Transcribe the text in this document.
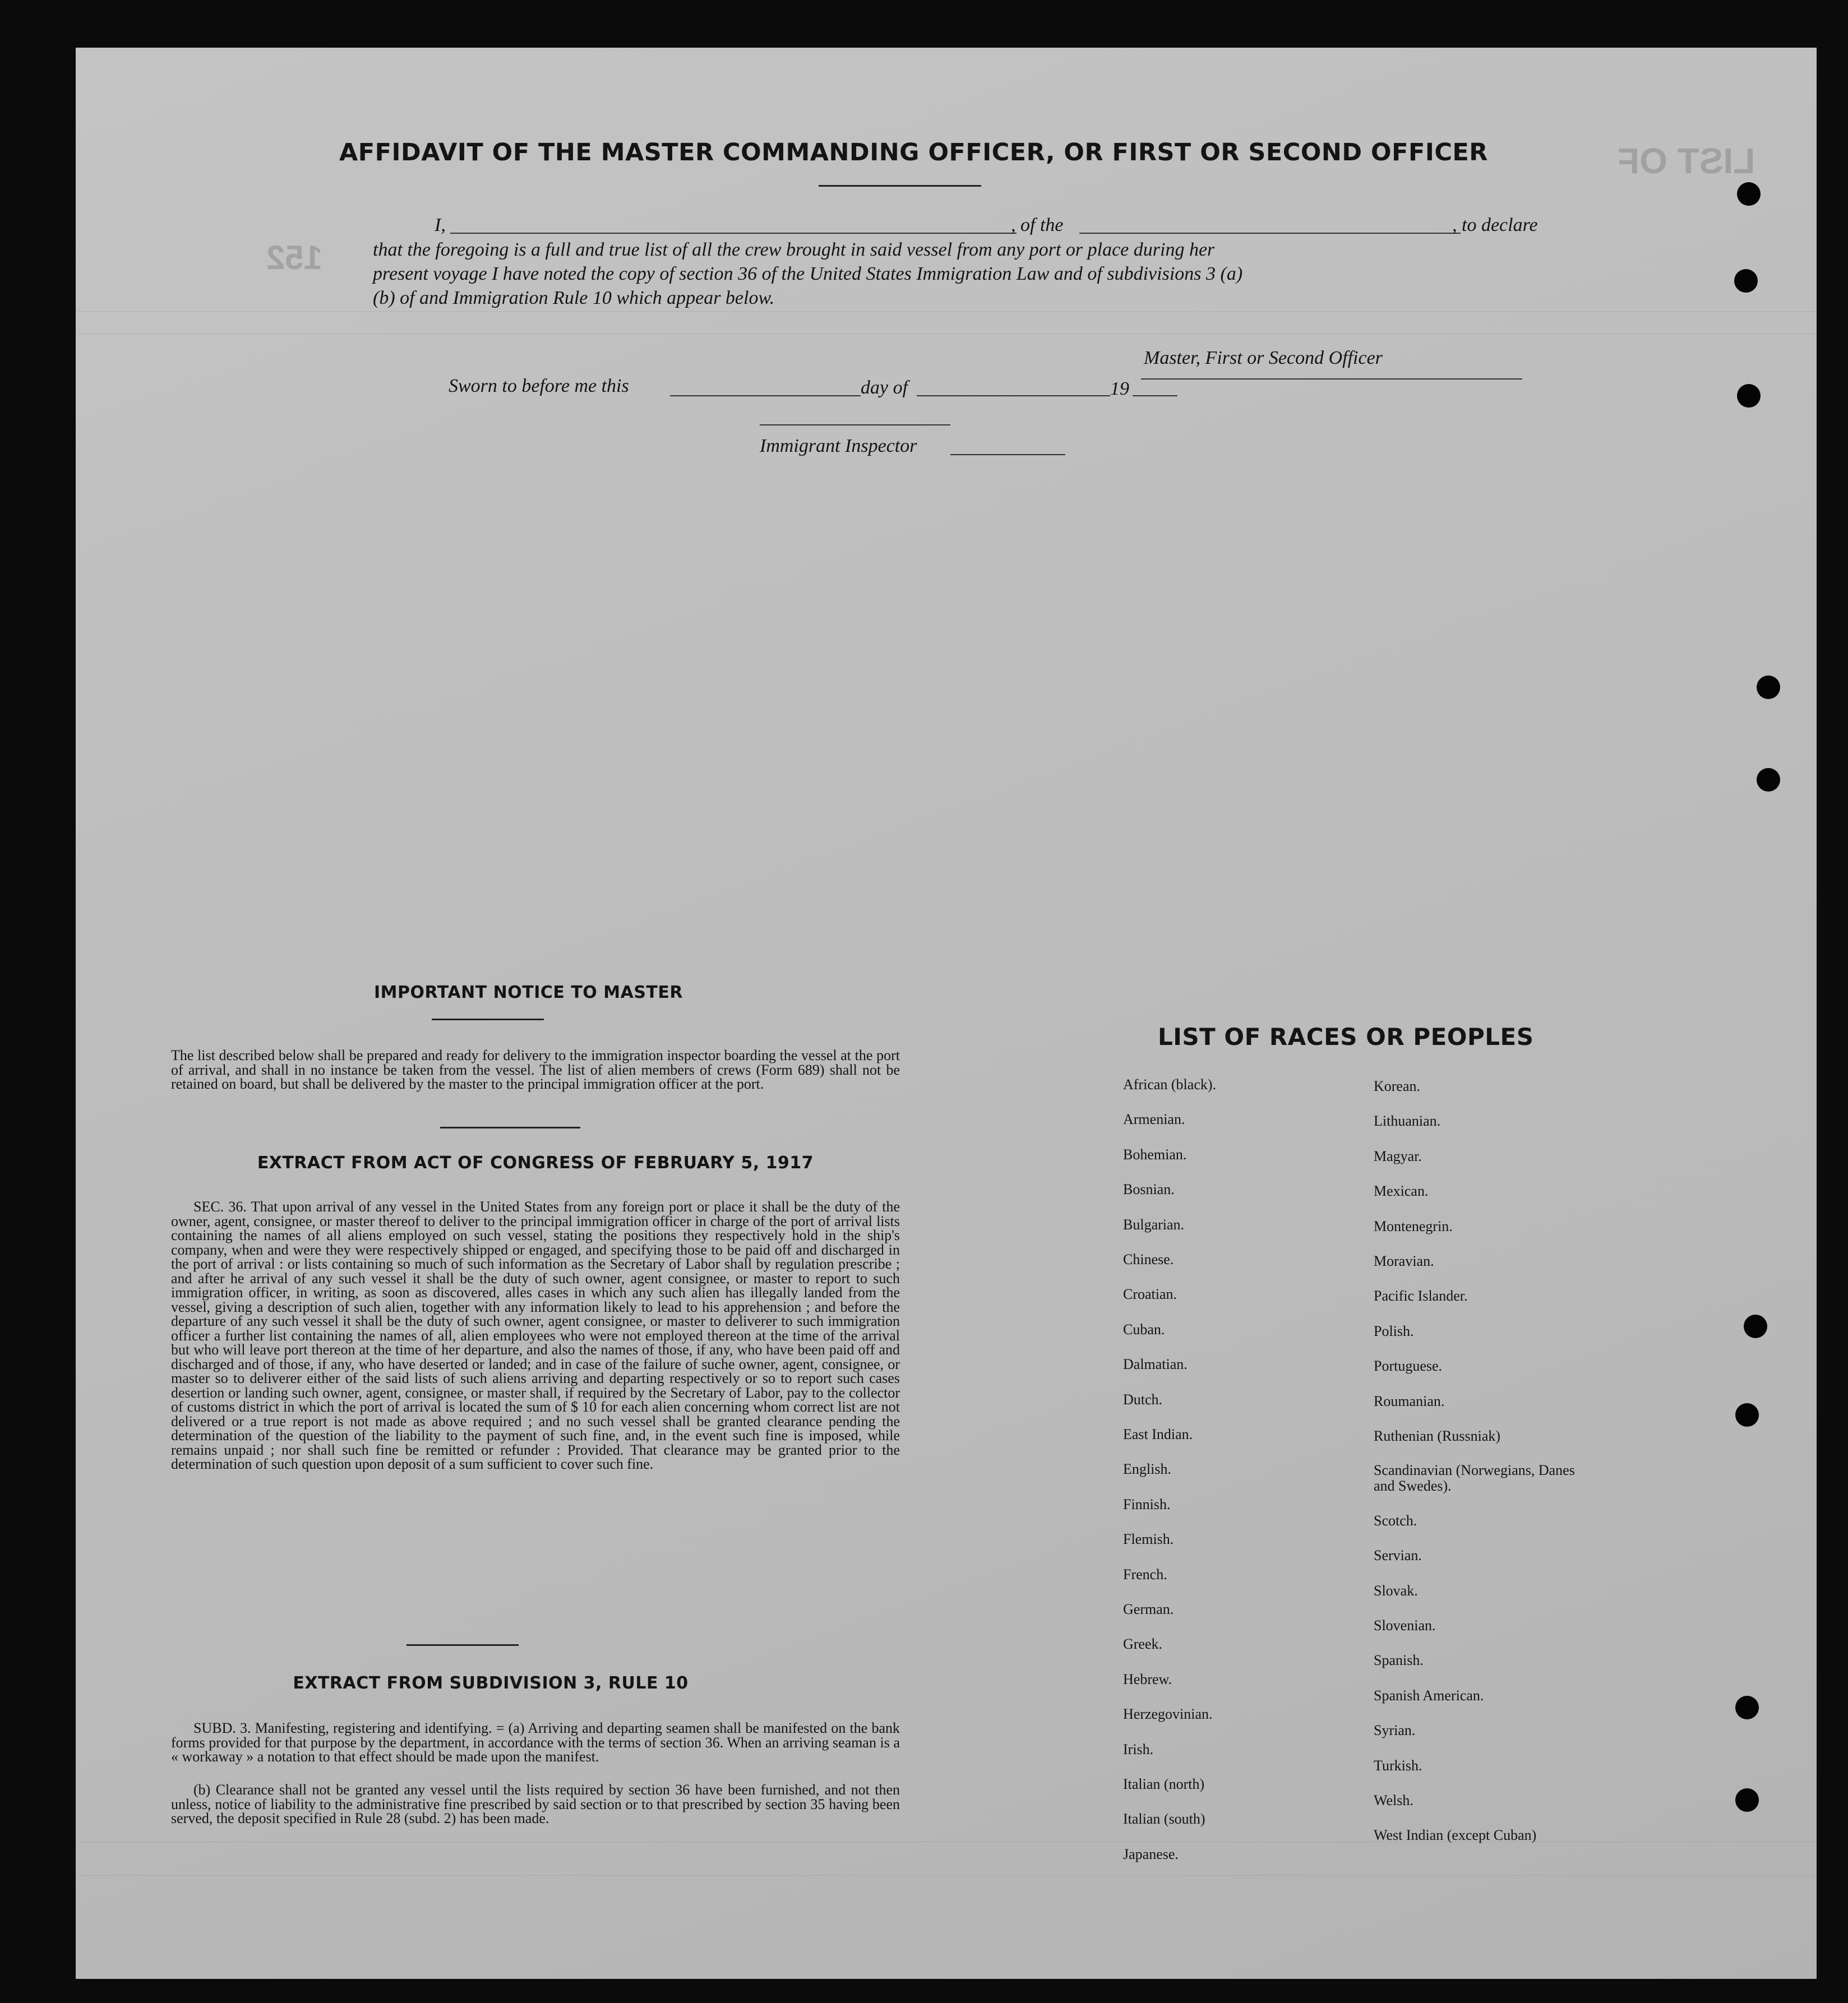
152
LIST OF
AFFIDAVIT OF THE MASTER COMMANDING OFFICER, OR FIRST OR SECOND OFFICER
I,	, of the	, to declare
that the foregoing is a full and true list of all the crew brought in said vessel from any port or place during her
present voyage I have noted the copy of section 36 of the United States Immigration Law and of subdivisions 3 (a)
(b) of and Immigration Rule 10 which appear below.
Master, First or Second Officer
Sworn to before me this	day of	19
Immigrant Inspector
IMPORTANT NOTICE TO MASTER
The list described below shall be prepared and ready for delivery to the immigration inspector boarding the vessel at the port of arrival, and shall in no instance be taken from the vessel. The list of alien members of crews (Form 689) shall not be retained on board, but shall be delivered by the master to the principal immigration officer at the port.
EXTRACT FROM ACT OF CONGRESS OF FEBRUARY 5, 1917
SEC. 36. That upon arrival of any vessel in the United States from any foreign port or place it shall be the duty of the owner, agent, consignee, or master thereof to deliver to the principal immigration officer in charge of the port of arrival lists containing the names of all aliens employed on such vessel, stating the positions they respectively hold in the ship's company, when and were they were respectively shipped or engaged, and specifying those to be paid off and discharged in the port of arrival : or lists containing so much of such information as the Secretary of Labor shall by regulation prescribe ; and after he arrival of any such vessel it shall be the duty of such owner, agent consignee, or master to report to such immigration officer, in writing, as soon as discovered, alles cases in which any such alien has illegally landed from the vessel, giving a description of such alien, together with any information likely to lead to his apprehension ; and before the departure of any such vessel it shall be the duty of such owner, agent consignee, or master to deliverer to such immigration officer a further list containing the names of all, alien employees who were not employed thereon at the time of the arrival but who will leave port thereon at the time of her departure, and also the names of those, if any, who have been paid off and discharged and of those, if any, who have deserted or landed; and in case of the failure of suche owner, agent, consignee, or master so to deliverer either of the said lists of such aliens arriving and departing respectively or so to report such cases desertion or landing such owner, agent, consignee, or master shall, if required by the Secretary of Labor, pay to the collector of customs district in which the port of arrival is located the sum of $ 10 for each alien concerning whom correct list are not delivered or a true report is not made as above required ; and no such vessel shall be granted clearance pending the determination of the question of the liability to the payment of such fine, and, in the event such fine is imposed, while remains unpaid ; nor shall such fine be remitted or refunder : Provided. That clearance may be granted prior to the determination of such question upon deposit of a sum sufficient to cover such fine.
EXTRACT FROM SUBDIVISION 3, RULE 10
SUBD. 3. Manifesting, registering and identifying. = (a) Arriving and departing seamen shall be manifested on the bank forms provided for that purpose by the department, in accordance with the terms of section 36. When an arriving seaman is a « workaway » a notation to that effect should be made upon the manifest.
(b) Clearance shall not be granted any vessel until the lists required by section 36 have been furnished, and not then unless, notice of liability to the administrative fine prescribed by said section or to that prescribed by section 35 having been served, the deposit specified in Rule 28 (subd. 2) has been made.
LIST OF RACES OR PEOPLES
African (black).
Armenian.
Bohemian.
Bosnian.
Bulgarian.
Chinese.
Croatian.
Cuban.
Dalmatian.
Dutch.
East Indian.
English.
Finnish.
Flemish.
French.
German.
Greek.
Hebrew.
Herzegovinian.
Irish.
Italian (north)
Italian (south)
Japanese.
Korean.
Lithuanian.
Magyar.
Mexican.
Montenegrin.
Moravian.
Pacific Islander.
Polish.
Portuguese.
Roumanian.
Ruthenian (Russniak)
Scandinavian (Norwegians, Danes and Swedes).
Scotch.
Servian.
Slovak.
Slovenian.
Spanish.
Spanish American.
Syrian.
Turkish.
Welsh.
West Indian (except Cuban)
